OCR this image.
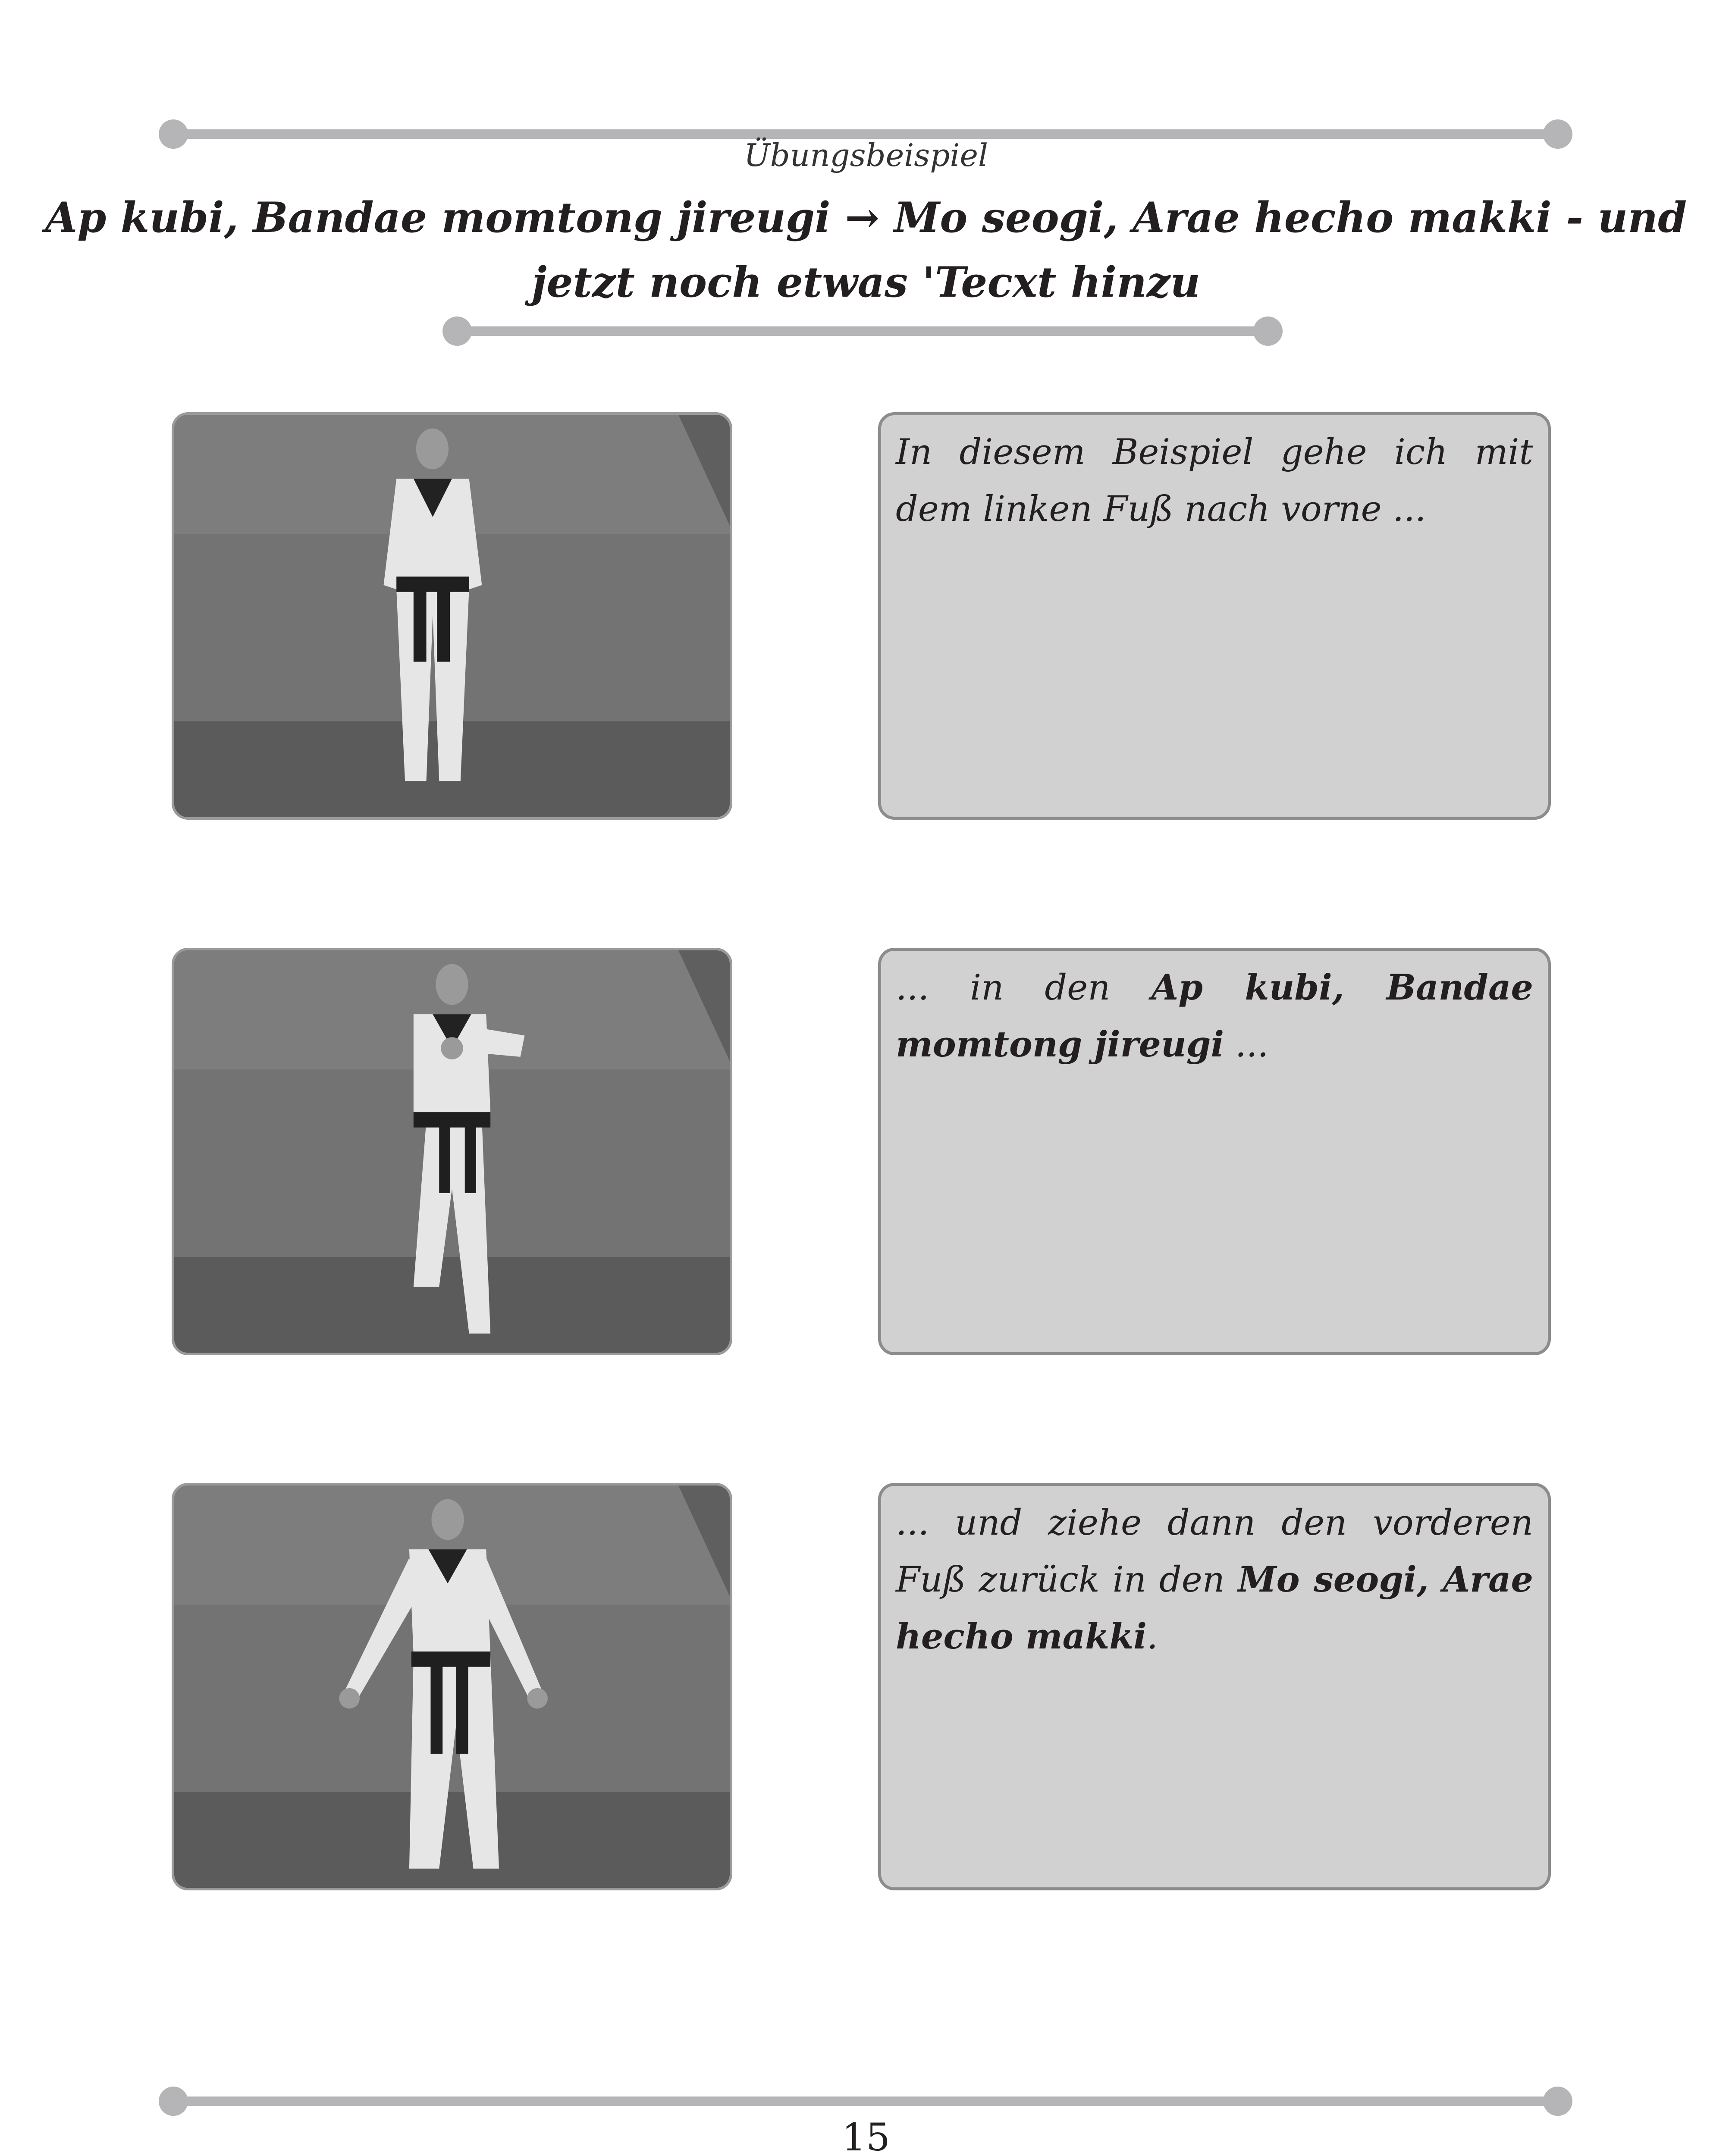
Übungsbeispiel
Ap kubi, Bandae momtong jireugi → Mo seogi, Arae hecho makki - und
jetzt noch etwas 'Tecxt hinzu
In diesem Beispiel gehe ich mit dem linken Fuß nach vorne ...
... in den Ap kubi, Bandae momtong jireugi ...
... und ziehe dann den vorderen Fuß zurück in den Mo seogi, Arae hecho makki.
15
